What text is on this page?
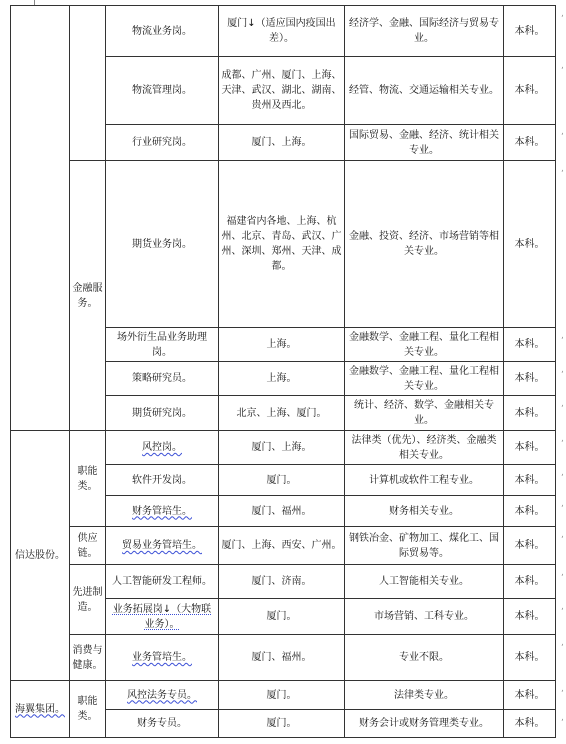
		物流业务岗。	厦门↓（适应国内疫国出差）。	经济学、金融、国际经济与贸易专业。	本科。
		物流管理岗。	成都、广州、厦门、上海、天津、武汉、湖北、湖南、贵州及西北。	经管、物流、交通运输相关专业。	本科。
		行业研究岗。	厦门、上海。	国际贸易、金融、经济、统计相关专业。	本科。
	金融服务。	期货业务岗。	福建省内各地、上海、杭州、北京、青岛、武汉、广州、深圳、郑州、天津、成都。	金融、投资、经济、市场营销等相关专业。	本科。
		场外衍生品业务助理岗。	上海。	金融数学、金融工程、量化工程相关专业。	本科。
		策略研究员。	上海。	金融数学、金融工程、量化工程相关专业。	本科。
		期货研究岗。	北京、上海、厦门。	统计、经济、数学、金融相关专业。	本科。
信达股份。	职能类。	风控岗。	厦门、上海。	法律类（优先）、经济类、金融类相关专业。	本科。
		软件开发岗。	厦门。	计算机或软件工程专业。	本科。
		财务管培生。	厦门、福州。	财务相关专业。	本科。
	供应链。	贸易业务管培生。	厦门、上海、西安、广州。	钢铁冶金、矿物加工、煤化工、国际贸易等。	本科。
	先进制造。	人工智能研发工程师。	厦门、济南。	人工智能相关专业。	本科。
		业务拓展岗↓（大物联业务）。	厦门。	市场营销、工科专业。	本科。
	消费与健康。	业务管培生。	厦门、福州。	专业不限。	本科。
海翼集团。	职能类。	风控法务专员。	厦门。	法律类专业。	本科。
		财务专员。	厦门。	财务会计或财务管理类专业。	本科。
,
,
,
,
,
,
,
,
,
,
,
,
,
,
,
,
